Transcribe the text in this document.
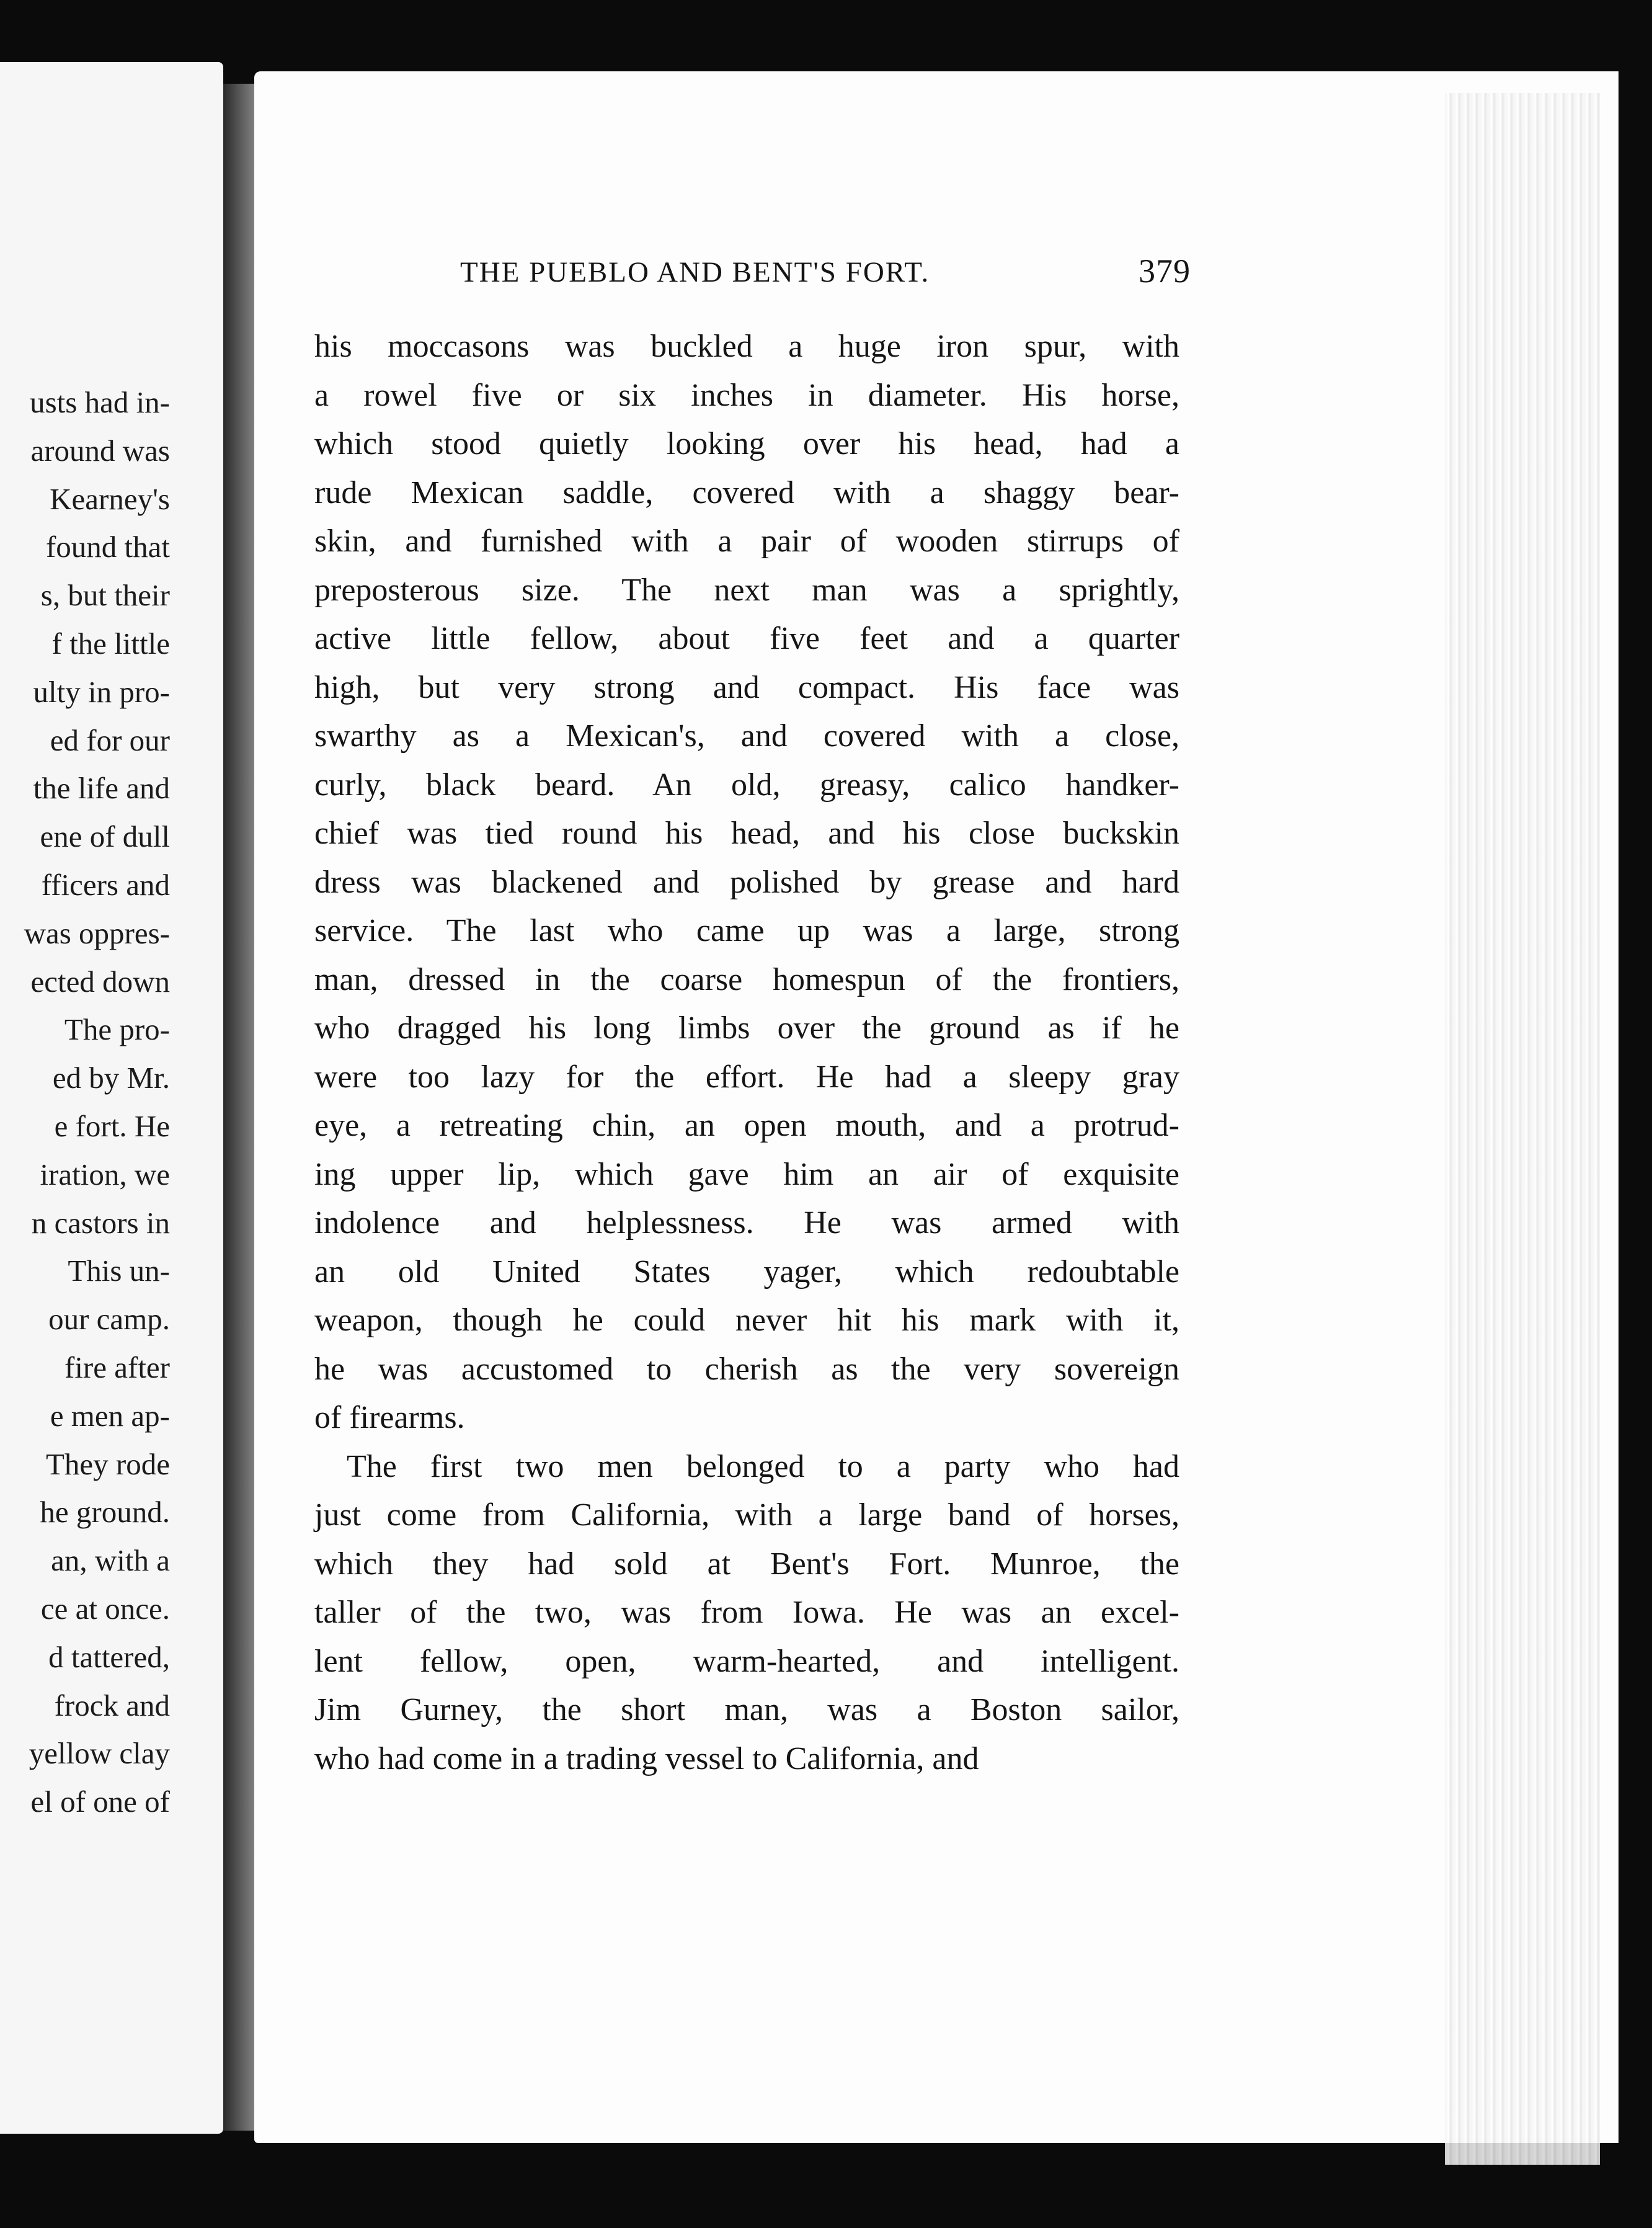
usts had in-
around was
Kearney's
found that
s, but their
f the little
ulty in pro-
ed for our
the life and
ene of dull
fficers and
was oppres-
ected down
The pro-
ed by Mr.
e fort. He
iration, we
n castors in
This un-
our camp.
fire after
e men ap-
They rode
he ground.
an, with a
ce at once.
d tattered,
frock and
yellow clay
el of one of
THE PUEBLO AND BENT'S FORT.	379
his moccasons was buckled a huge iron spur, with
a rowel five or six inches in diameter. His horse,
which stood quietly looking over his head, had a
rude Mexican saddle, covered with a shaggy bear-
skin, and furnished with a pair of wooden stirrups of
preposterous size. The next man was a sprightly,
active little fellow, about five feet and a quarter
high, but very strong and compact. His face was
swarthy as a Mexican's, and covered with a close,
curly, black beard. An old, greasy, calico handker-
chief was tied round his head, and his close buckskin
dress was blackened and polished by grease and hard
service. The last who came up was a large, strong
man, dressed in the coarse homespun of the frontiers,
who dragged his long limbs over the ground as if he
were too lazy for the effort. He had a sleepy gray
eye, a retreating chin, an open mouth, and a protrud-
ing upper lip, which gave him an air of exquisite
indolence and helplessness. He was armed with
an old United States yager, which redoubtable
weapon, though he could never hit his mark with it,
he was accustomed to cherish as the very sovereign
of firearms.
The first two men belonged to a party who had
just come from California, with a large band of horses,
which they had sold at Bent's Fort. Munroe, the
taller of the two, was from Iowa. He was an excel-
lent fellow, open, warm-hearted, and intelligent.
Jim Gurney, the short man, was a Boston sailor,
who had come in a trading vessel to California, and
